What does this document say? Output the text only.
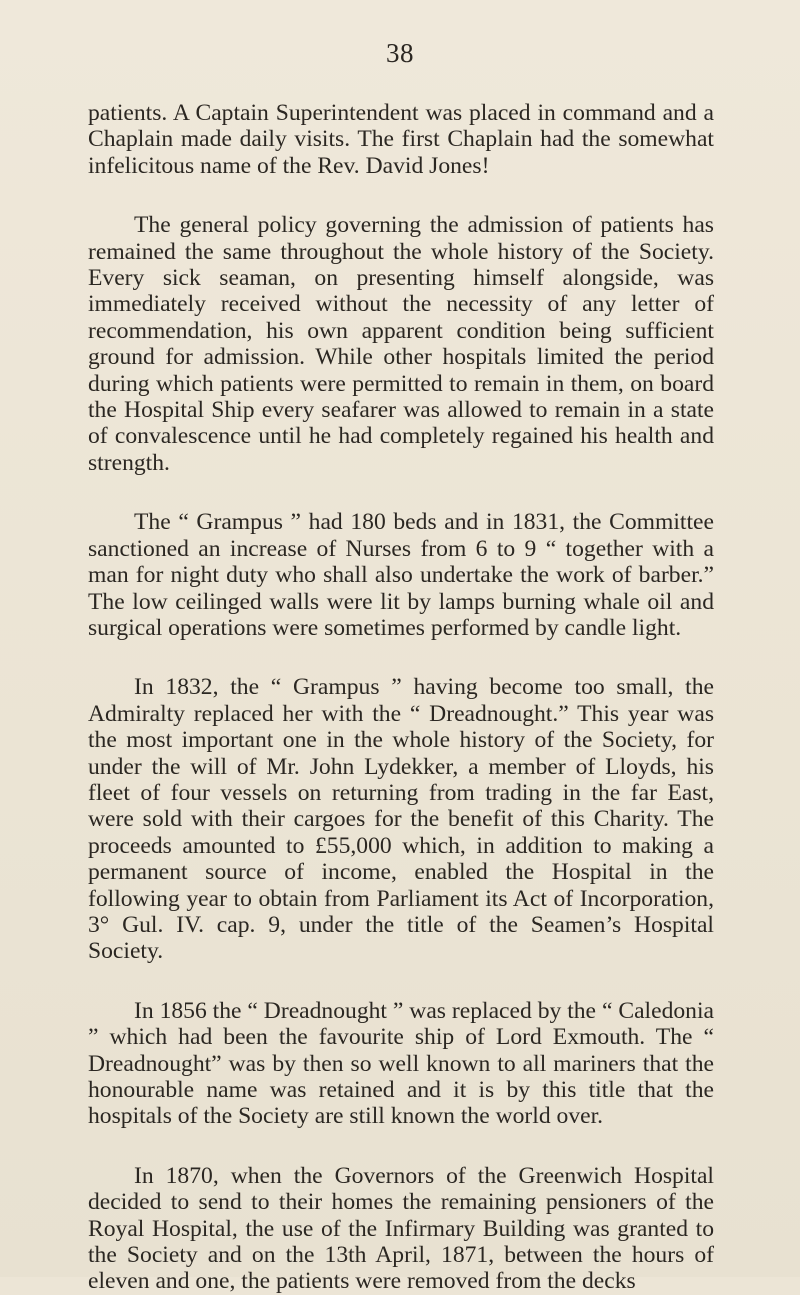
38

patients. A Captain Superintendent was placed in command and a Chaplain made daily visits. The first Chaplain had the somewhat infelicitous name of the Rev. David Jones!

The general policy governing the admission of patients has remained the same throughout the whole history of the Society. Every sick seaman, on presenting himself alongside, was immediately received without the necessity of any letter of recommendation, his own apparent condition being sufficient ground for admission. While other hospitals limited the period during which patients were permitted to remain in them, on board the Hospital Ship every seafarer was allowed to remain in a state of convalescence until he had completely regained his health and strength.

The “ Grampus ” had 180 beds and in 1831, the Committee sanctioned an increase of Nurses from 6 to 9 “ together with a man for night duty who shall also undertake the work of barber.” The low ceilinged walls were lit by lamps burning whale oil and surgical operations were sometimes performed by candle light.

In 1832, the “ Grampus ” having become too small, the Admiralty replaced her with the “ Dreadnought.” This year was the most important one in the whole history of the Society, for under the will of Mr. John Lydekker, a member of Lloyds, his fleet of four vessels on returning from trading in the far East, were sold with their cargoes for the benefit of this Charity. The proceeds amounted to £55,000 which, in addition to making a permanent source of income, enabled the Hospital in the following year to obtain from Parliament its Act of Incorporation, 3° Gul. IV. cap. 9, under the title of the Seamen’s Hospital Society.

In 1856 the “ Dreadnought ” was replaced by the “ Caledonia ” which had been the favourite ship of Lord Exmouth. The “ Dreadnought” was by then so well known to all mariners that the honourable name was retained and it is by this title that the hospitals of the Society are still known the world over.

In 1870, when the Governors of the Greenwich Hospital decided to send to their homes the remaining pensioners of the Royal Hospital, the use of the Infirmary Building was granted to the Society and on the 13th April, 1871, between the hours of eleven and one, the patients were removed from the decks
